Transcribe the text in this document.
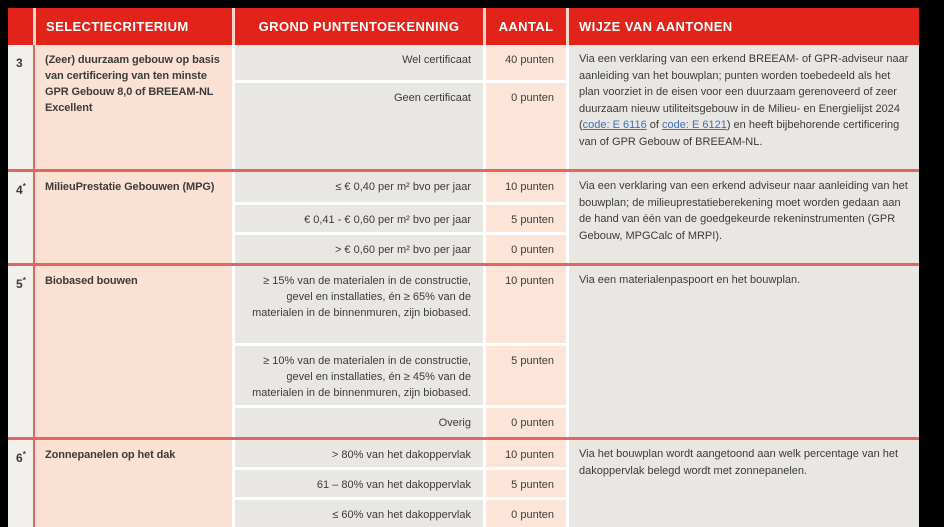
	SELECTIECRITERIUM	GROND PUNTENTOEKENNING	AANTAL	WIJZE VAN AANTONEN
3	(Zeer) duurzaam gebouw op basis van certificering van ten minste GPR Gebouw 8,0 of BREEAM-NL Excellent	Wel certificaat	40 punten	Via een verklaring van een erkend BREEAM- of GPR-adviseur naar aanleiding van het bouwplan; punten worden toebedeeld als het plan voorziet in de eisen voor een duurzaam gerenoveerd of zeer duurzaam nieuw utiliteitsgebouw in de Milieu- en Energielijst 2024 (code: E 6116 of code: E 6121) en heeft bijbehorende certificering van of GPR Gebouw of BREEAM-NL.
		Geen certificaat	0 punten	

4*	MilieuPrestatie Gebouwen (MPG)	≤ € 0,40 per m² bvo per jaar	10 punten	Via een verklaring van een erkend adviseur naar aanleiding van het bouwplan; de milieuprestatieberekening moet worden gedaan aan de hand van één van de goedgekeurde rekeninstrumenten (GPR Gebouw, MPGCalc of MRPI).
		€ 0,41 - € 0,60 per m² bvo per jaar	5 punten	
		> € 0,60 per m² bvo per jaar	0 punten	

5*	Biobased bouwen	≥ 15% van de materialen in de constructie, gevel en installaties, én ≥ 65% van de materialen in de binnenmuren, zijn biobased.	10 punten	Via een materialenpaspoort en het bouwplan.
		≥ 10% van de materialen in de constructie, gevel en installaties, én ≥ 45% van de materialen in de binnenmuren, zijn biobased.	5 punten	
		Overig	0 punten	

6*	Zonnepanelen op het dak	> 80% van het dakoppervlak	10 punten	Via het bouwplan wordt aangetoond aan welk percentage van het dakoppervlak belegd wordt met zonnepanelen.
		61 – 80% van het dakoppervlak	5 punten	
		≤ 60% van het dakoppervlak	0 punten	
